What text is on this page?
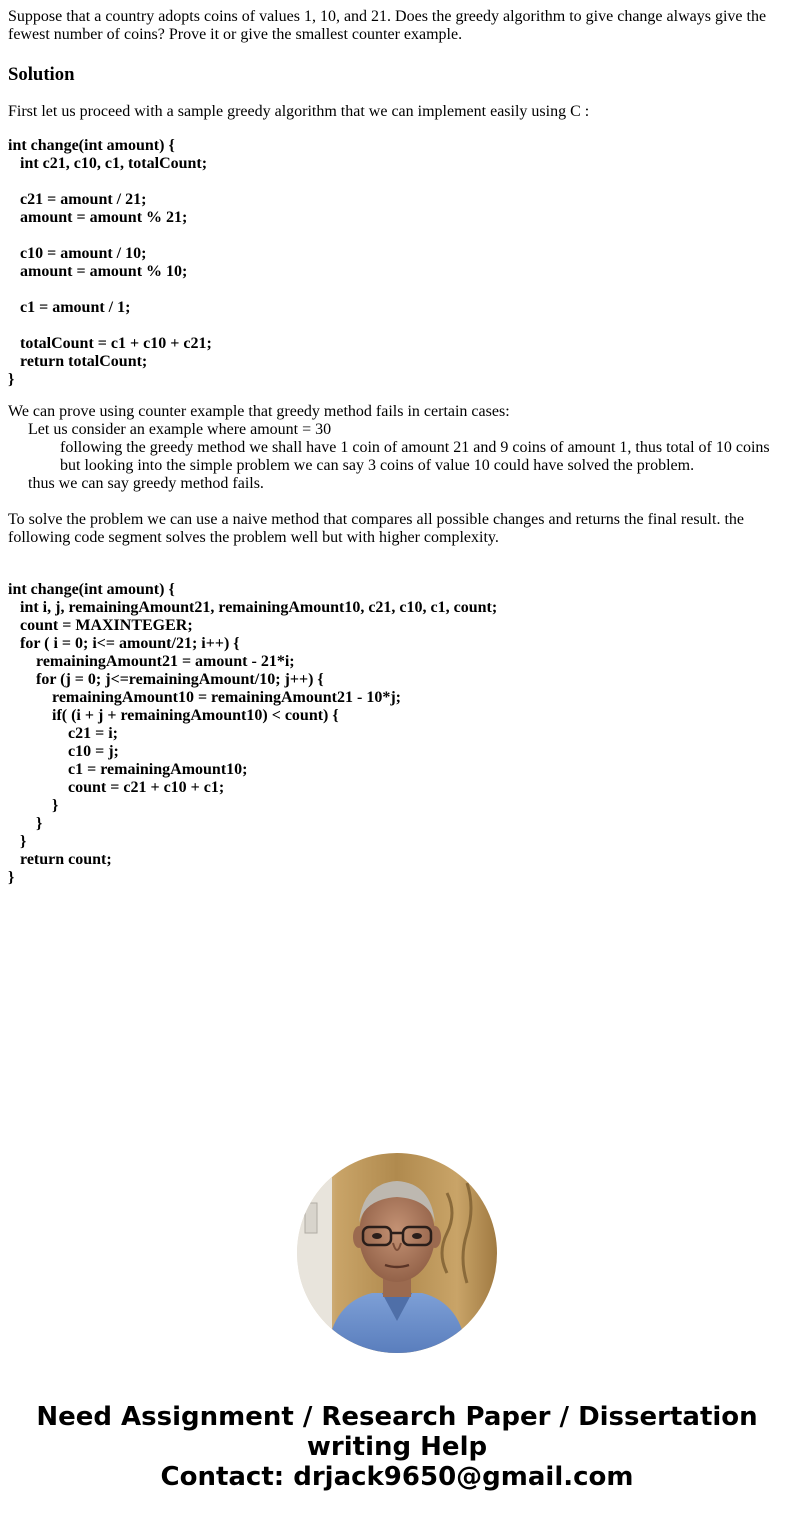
Suppose that a country adopts coins of values 1, 10, and 21. Does the greedy algorithm to give change always give the fewest number of coins? Prove it or give the smallest counter example.

Solution

First let us proceed with a sample greedy algorithm that we can implement easily using C :

int change(int amount) {
int c21, c10, c1, totalCount;

c21 = amount / 21;
amount = amount % 21;

c10 = amount / 10;
amount = amount % 10;

c1 = amount / 1;

totalCount = c1 + c10 + c21;
return totalCount;
}
We can prove using counter example that greedy method fails in certain cases:
Let us consider an example where amount = 30
following the greedy method we shall have 1 coin of amount 21 and 9 coins of amount 1, thus total of 10 coins
but looking into the simple problem we can say 3 coins of value 10 could have solved the problem.
thus we can say greedy method fails.

To solve the problem we can use a naive method that compares all possible changes and returns the final result. the following code segment solves the problem well but with higher complexity.

int change(int amount) {
int i, j, remainingAmount21, remainingAmount10, c21, c10, c1, count;
count = MAXINTEGER;
for ( i = 0; i<= amount/21; i++) {
remainingAmount21 = amount - 21*i;
for (j = 0; j<=remainingAmount/10; j++) {
remainingAmount10 = remainingAmount21 - 10*j;
if( (i + j + remainingAmount10) < count) {
c21 = i;
c10 = j;
c1 = remainingAmount10;
count = c21 + c10 + c1;
}
}
}
return count;
}
Need Assignment / Research Paper / Dissertation
writing Help
Contact: drjack9650@gmail.com
